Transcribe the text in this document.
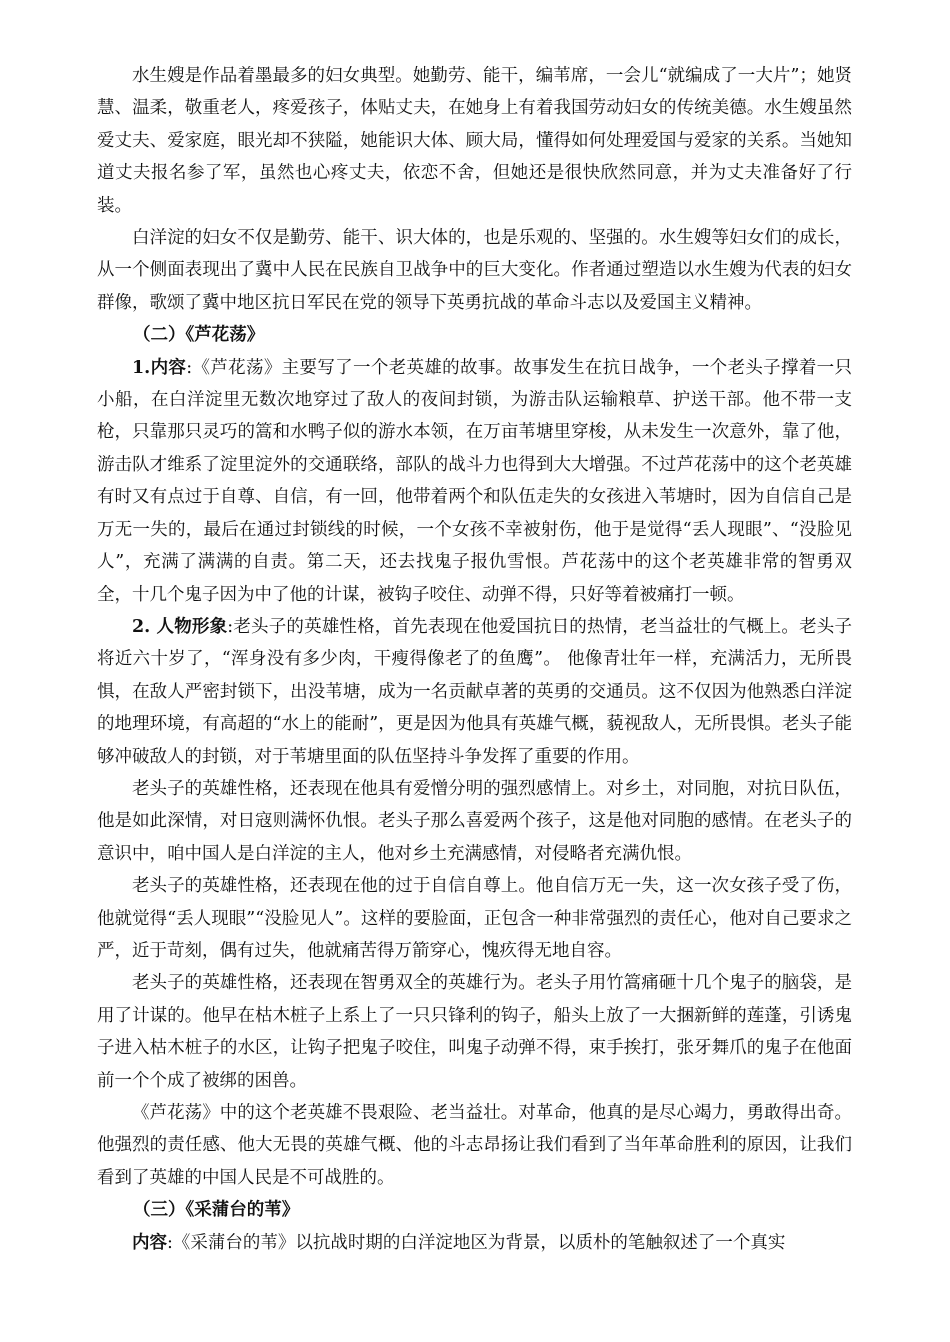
水生嫂是作品着墨最多的妇女典型。她勤劳、能干，编苇席，一会儿“就编成了一大片”；她贤慧、温柔，敬重老人，疼爱孩子，体贴丈夫，在她身上有着我国劳动妇女的传统美德。水生嫂虽然爱丈夫、爱家庭，眼光却不狭隘，她能识大体、顾大局，懂得如何处理爱国与爱家的关系。当她知道丈夫报名参了军，虽然也心疼丈夫，依恋不舍，但她还是很快欣然同意，并为丈夫准备好了行装。

白洋淀的妇女不仅是勤劳、能干、识大体的，也是乐观的、坚强的。水生嫂等妇女们的成长，从一个侧面表现出了冀中人民在民族自卫战争中的巨大变化。作者通过塑造以水生嫂为代表的妇女群像，歌颂了冀中地区抗日军民在党的领导下英勇抗战的革命斗志以及爱国主义精神。

（二）《芦花荡》

1.内容:《芦花荡》主要写了一个老英雄的故事。故事发生在抗日战争，一个老头子撑着一只小船，在白洋淀里无数次地穿过了敌人的夜间封锁，为游击队运输粮草、护送干部。他不带一支枪，只靠那只灵巧的篙和水鸭子似的游水本领，在万亩苇塘里穿梭，从未发生一次意外，靠了他，游击队才维系了淀里淀外的交通联络，部队的战斗力也得到大大增强。不过芦花荡中的这个老英雄有时又有点过于自尊、自信，有一回，他带着两个和队伍走失的女孩进入苇塘时，因为自信自己是万无一失的，最后在通过封锁线的时候，一个女孩不幸被射伤，他于是觉得“丢人现眼”、“没脸见人”，充满了满满的自责。第二天，还去找鬼子报仇雪恨。芦花荡中的这个老英雄非常的智勇双全，十几个鬼子因为中了他的计谋，被钩子咬住、动弹不得，只好等着被痛打一顿。

2. 人物形象:老头子的英雄性格，首先表现在他爱国抗日的热情，老当益壮的气概上。老头子将近六十岁了，“浑身没有多少肉，干瘦得像老了的鱼鹰”。 他像青壮年一样，充满活力，无所畏惧，在敌人严密封锁下，出没苇塘，成为一名贡献卓著的英勇的交通员。这不仅因为他熟悉白洋淀的地理环境，有高超的“水上的能耐”，更是因为他具有英雄气概，藐视敌人，无所畏惧。老头子能够冲破敌人的封锁，对于苇塘里面的队伍坚持斗争发挥了重要的作用。

老头子的英雄性格，还表现在他具有爱憎分明的强烈感情上。对乡土，对同胞，对抗日队伍，他是如此深情，对日寇则满怀仇恨。老头子那么喜爱两个孩子，这是他对同胞的感情。在老头子的意识中，咱中国人是白洋淀的主人，他对乡土充满感情，对侵略者充满仇恨。

老头子的英雄性格，还表现在他的过于自信自尊上。他自信万无一失，这一次女孩子受了伤，他就觉得“丢人现眼”“没脸见人”。这样的要脸面，正包含一种非常强烈的责任心，他对自己要求之严，近于苛刻，偶有过失，他就痛苦得万箭穿心，愧疚得无地自容。

老头子的英雄性格，还表现在智勇双全的英雄行为。老头子用竹篙痛砸十几个鬼子的脑袋，是用了计谋的。他早在枯木桩子上系上了一只只锋利的钩子，船头上放了一大捆新鲜的莲蓬，引诱鬼子进入枯木桩子的水区，让钩子把鬼子咬住，叫鬼子动弹不得，束手挨打，张牙舞爪的鬼子在他面前一个个成了被绑的困兽。

《芦花荡》中的这个老英雄不畏艰险、老当益壮。对革命，他真的是尽心竭力，勇敢得出奇。他强烈的责任感、他大无畏的英雄气概、他的斗志昂扬让我们看到了当年革命胜利的原因，让我们看到了英雄的中国人民是不可战胜的。

（三）《采蒲台的苇》

内容:《采蒲台的苇》以抗战时期的白洋淀地区为背景，以质朴的笔触叙述了一个真实
